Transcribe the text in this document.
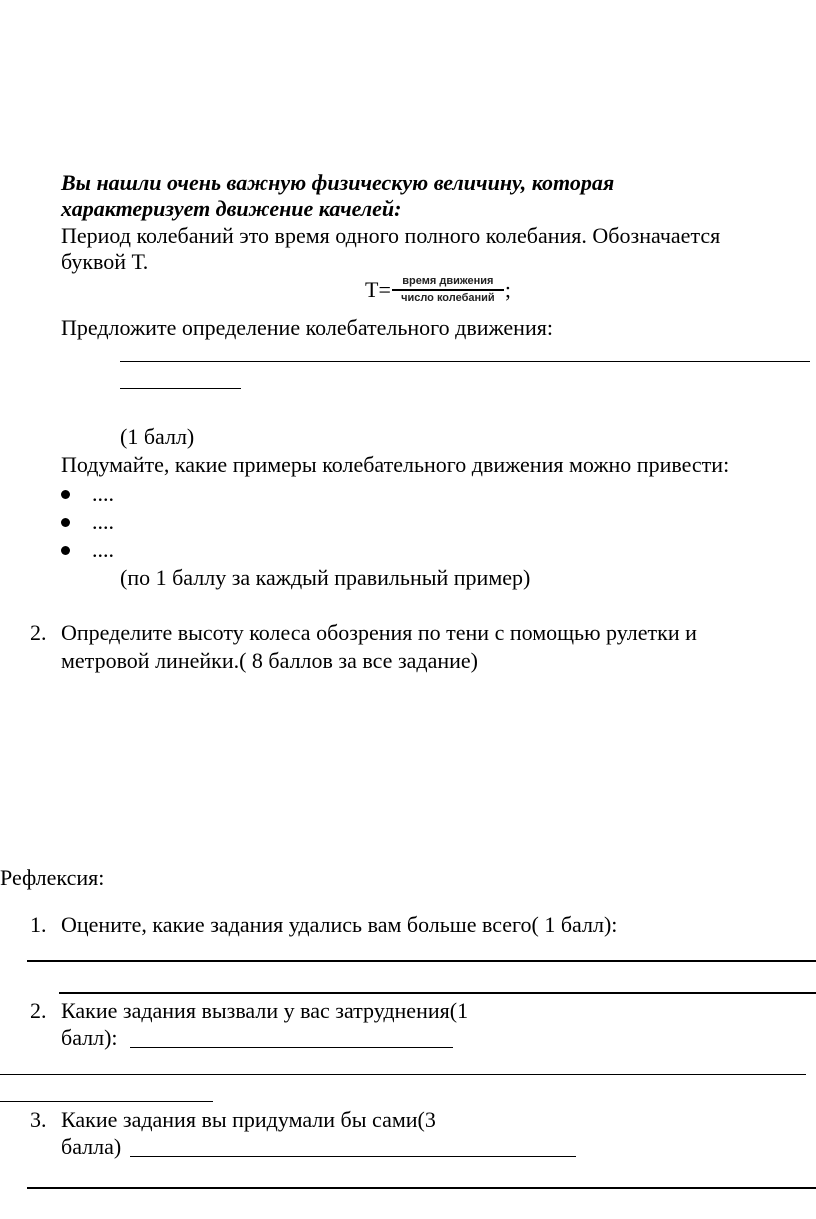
Вы нашли очень важную физическую величину, которая
характеризует движение качелей:
Период колебаний это время одного полного колебания. Обозначается
буквой Т.
$T= \frac{\text{время движения}}{\text{число колебаний}}$ ;
Предложите определение колебательного движения:
(1 балл)
Подумайте, какие примеры колебательного движения можно привести:
....
....
....
(по 1 баллу за каждый правильный пример)
2. Определите высоту колеса обозрения по тени с помощью рулетки и
метровой линейки.( 8 баллов за все задание)
Рефлексия:
1. Оцените, какие задания удались вам больше всего( 1 балл):
2. Какие задания вызвали у вас затруднения(1
балл):
3. Какие задания вы придумали бы сами(3
балла)
